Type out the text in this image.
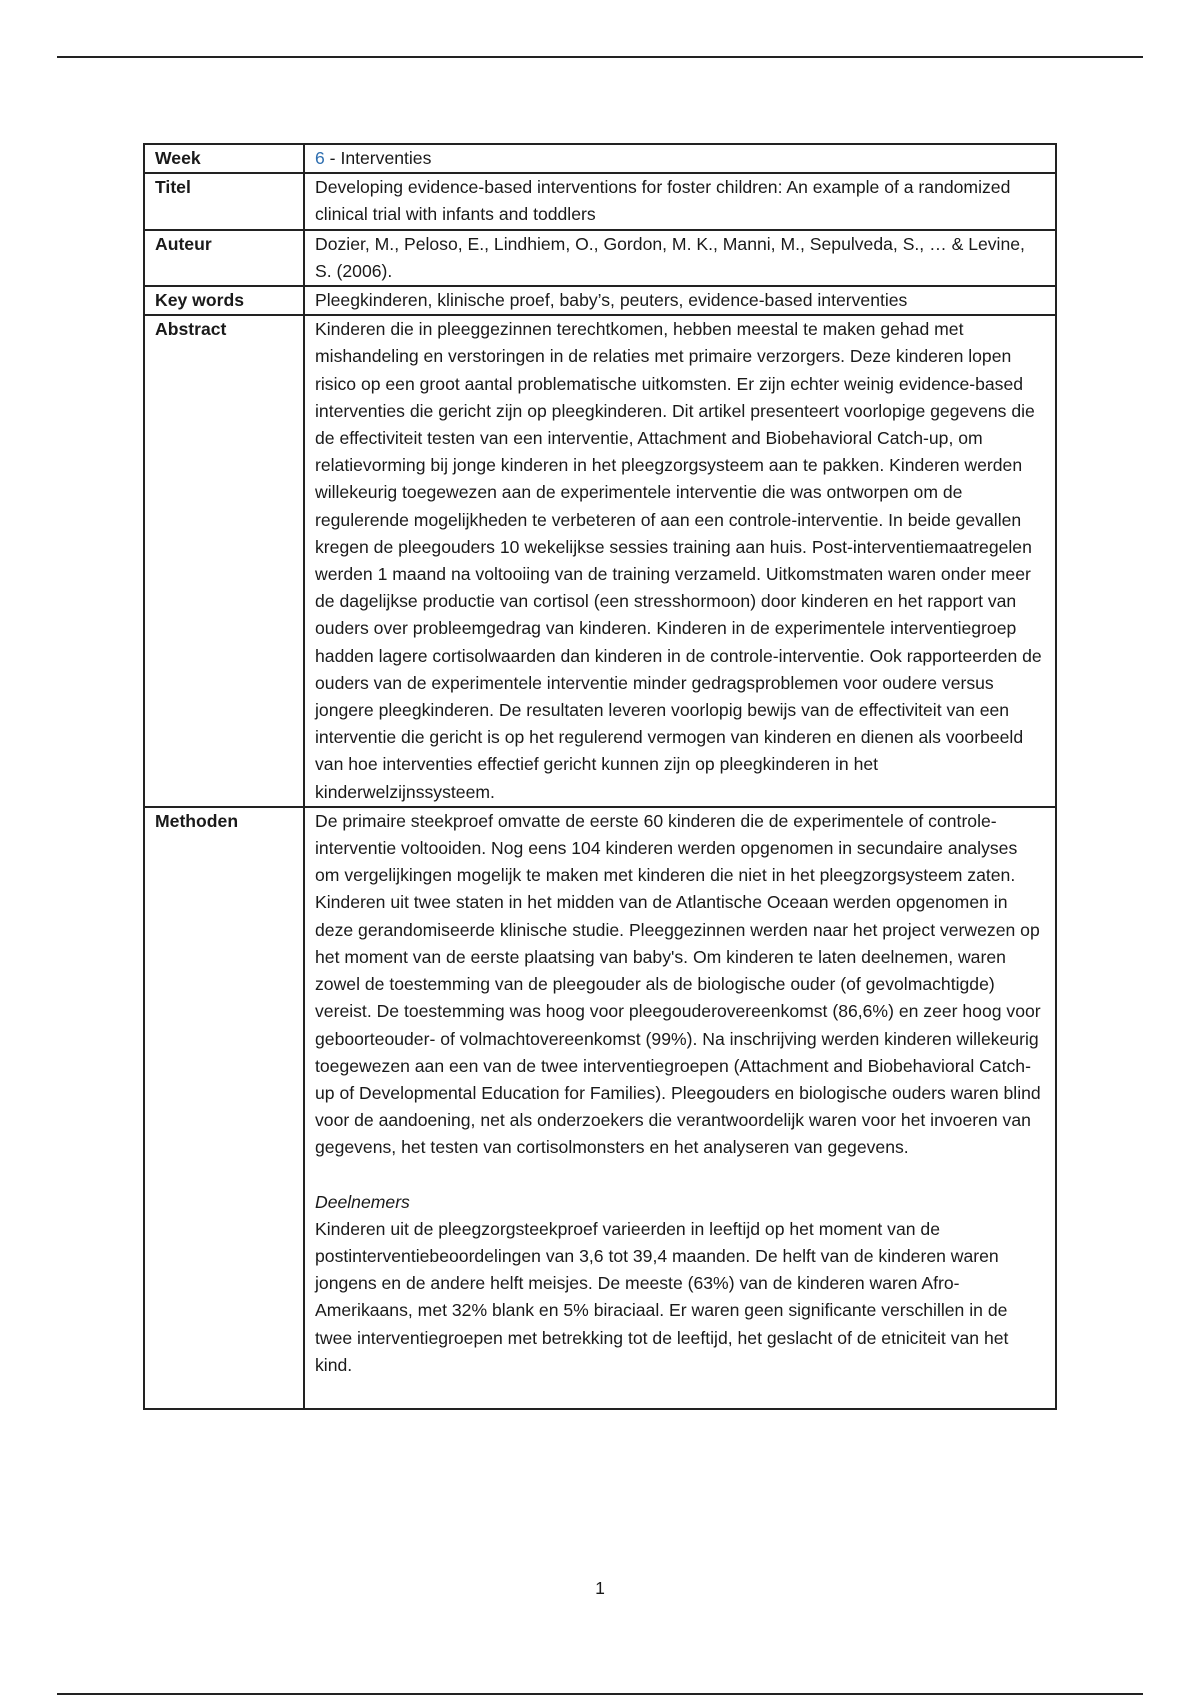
Week	6 - Interventies
Titel	Developing evidence-based interventions for foster children: An example of a randomized clinical trial with infants and toddlers
Auteur	Dozier, M., Peloso, E., Lindhiem, O., Gordon, M. K., Manni, M., Sepulveda, S., … & Levine, S. (2006).
Key words	Pleegkinderen, klinische proef, baby’s, peuters, evidence-based interventies
Abstract	Kinderen die in pleeggezinnen terechtkomen, hebben meestal te maken gehad met mishandeling en verstoringen in de relaties met primaire verzorgers. Deze kinderen lopen risico op een groot aantal problematische uitkomsten. Er zijn echter weinig evidence-based interventies die gericht zijn op pleegkinderen. Dit artikel presenteert voorlopige gegevens die de effectiviteit testen van een interventie, Attachment and Biobehavioral Catch-up, om relatievorming bij jonge kinderen in het pleegzorgsysteem aan te pakken. Kinderen werden willekeurig toegewezen aan de experimentele interventie die was ontworpen om de regulerende mogelijkheden te verbeteren of aan een controle-interventie. In beide gevallen kregen de pleegouders 10 wekelijkse sessies training aan huis. Post-interventiemaatregelen werden 1 maand na voltooiing van de training verzameld. Uitkomstmaten waren onder meer de dagelijkse productie van cortisol (een stresshormoon) door kinderen en het rapport van ouders over probleemgedrag van kinderen. Kinderen in de experimentele interventiegroep hadden lagere cortisolwaarden dan kinderen in de controle-interventie. Ook rapporteerden de ouders van de experimentele interventie minder gedragsproblemen voor oudere versus jongere pleegkinderen. De resultaten leveren voorlopig bewijs van de effectiviteit van een interventie die gericht is op het regulerend vermogen van kinderen en dienen als voorbeeld van hoe interventies effectief gericht kunnen zijn op pleegkinderen in het kinderwelzijnssysteem.
Methoden	De primaire steekproef omvatte de eerste 60 kinderen die de experimentele of controle-interventie voltooiden. Nog eens 104 kinderen werden opgenomen in secundaire analyses om vergelijkingen mogelijk te maken met kinderen die niet in het pleegzorgsysteem zaten. Kinderen uit twee staten in het midden van de Atlantische Oceaan werden opgenomen in deze gerandomiseerde klinische studie. Pleeggezinnen werden naar het project verwezen op het moment van de eerste plaatsing van baby's. Om kinderen te laten deelnemen, waren zowel de toestemming van de pleegouder als de biologische ouder (of gevolmachtigde) vereist. De toestemming was hoog voor pleegouderovereenkomst (86,6%) en zeer hoog voor geboorteouder- of volmachtovereenkomst (99%). Na inschrijving werden kinderen willekeurig toegewezen aan een van de twee interventiegroepen (Attachment and Biobehavioral Catch-up of Developmental Education for Families). Pleegouders en biologische ouders waren blind voor de aandoening, net als onderzoekers die verantwoordelijk waren voor het invoeren van gegevens, het testen van cortisolmonsters en het analyseren van gegevens.

Deelnemers

Kinderen uit de pleegzorgsteekproef varieerden in leeftijd op het moment van de postinterventiebeoordelingen van 3,6 tot 39,4 maanden. De helft van de kinderen waren jongens en de andere helft meisjes. De meeste (63%) van de kinderen waren Afro-Amerikaans, met 32% blank en 5% biraciaal. Er waren geen significante verschillen in de twee interventiegroepen met betrekking tot de leeftijd, het geslacht of de etniciteit van het kind.

1
